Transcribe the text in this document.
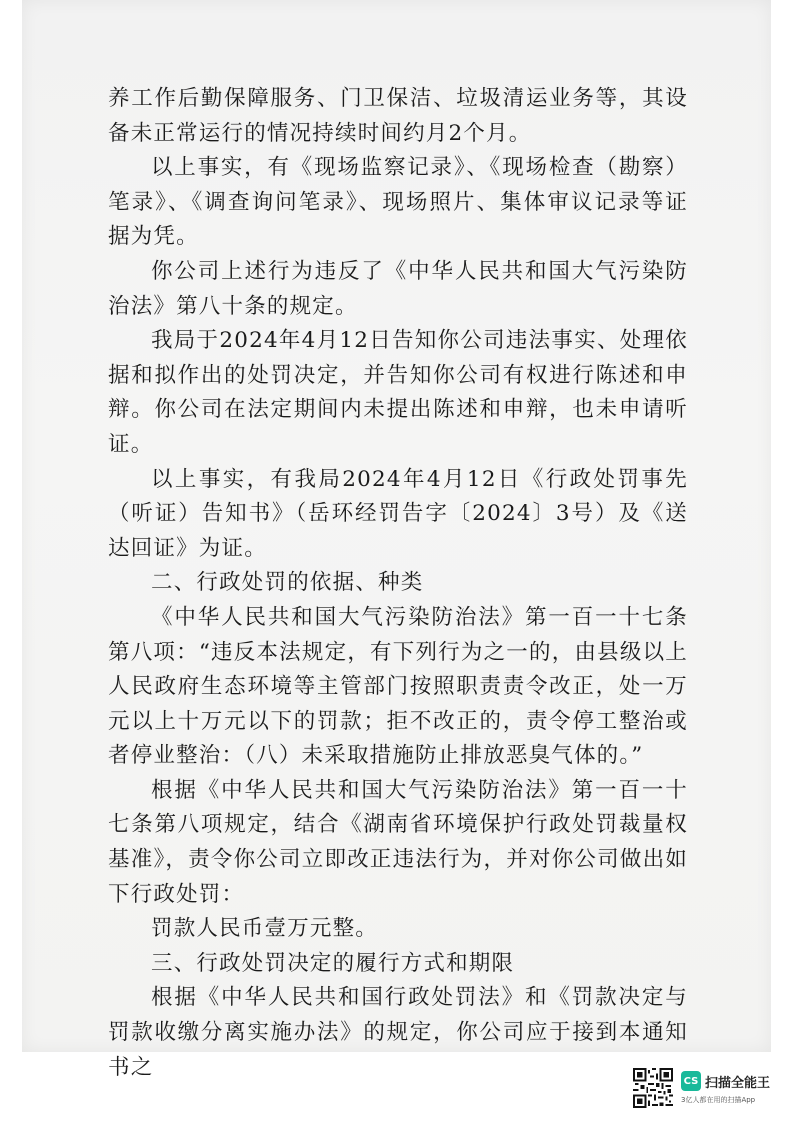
养工作后勤保障服务、门卫保洁、垃圾清运业务等，其设备未正常运行的情况持续时间约月2个月。

以上事实，有《现场监察记录》、《现场检查（勘察）笔录》、《调查询问笔录》、现场照片、集体审议记录等证据为凭。

你公司上述行为违反了《中华人民共和国大气污染防治法》第八十条的规定。

我局于2024年4月12日告知你公司违法事实、处理依据和拟作出的处罚决定，并告知你公司有权进行陈述和申辩。你公司在法定期间内未提出陈述和申辩，也未申请听证。

以上事实，有我局2024年4月12日《行政处罚事先（听证）告知书》（岳环经罚告字〔2024〕3号）及《送达回证》为证。

二、行政处罚的依据、种类

《中华人民共和国大气污染防治法》第一百一十七条第八项：“违反本法规定，有下列行为之一的，由县级以上人民政府生态环境等主管部门按照职责责令改正，处一万元以上十万元以下的罚款；拒不改正的，责令停工整治或者停业整治：（八）未采取措施防止排放恶臭气体的。”

根据《中华人民共和国大气污染防治法》第一百一十七条第八项规定，结合《湖南省环境保护行政处罚裁量权基准》，责令你公司立即改正违法行为，并对你公司做出如下行政处罚：

罚款人民币壹万元整。

三、行政处罚决定的履行方式和期限

根据《中华人民共和国行政处罚法》和《罚款决定与罚款收缴分离实施办法》的规定，你公司应于接到本通知书之

CS 扫描全能王
3亿人都在用的扫描App
